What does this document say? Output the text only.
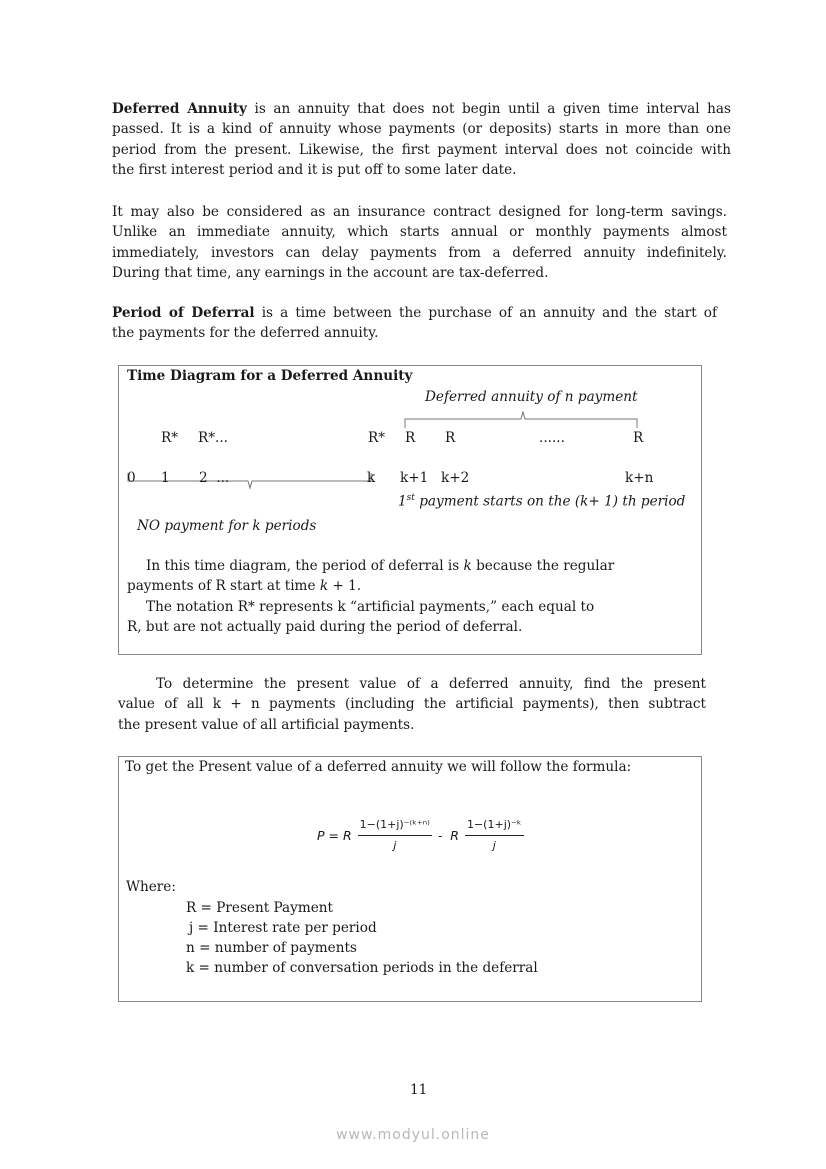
Deferred Annuity is an annuity that does not begin until a given time interval has
passed. It is a kind of annuity whose payments (or deposits) starts in more than one
period from the present. Likewise, the first payment interval does not coincide with
the first interest period and it is put off to some later date.
It may also be considered as an insurance contract designed for long-term savings.
Unlike an immediate annuity, which starts annual or monthly payments almost
immediately, investors can delay payments from a deferred annuity indefinitely.
During that time, any earnings in the account are tax-deferred.
Period of Deferral is a time between the purchase of an annuity and the start of
the payments for the deferred annuity.
Time Diagram for a Deferred Annuity
Deferred annuity of n payment
R* R*...	R* R R	......	R
0 1 2  ...	k k+1 k+2	k+n
1st payment starts on the (k+ 1) th period
NO payment for k periods
In this time diagram, the period of deferral is k because the regular
payments of R start at time k + 1.
The notation R* represents k “artificial payments,” each equal to
R, but are not actually paid during the period of deferral.
To determine the present value of a deferred annuity, find the present
value of all k + n payments (including the artificial payments), then subtract
the present value of all artificial payments.
To get the Present value of a deferred annuity we will follow the formula:
P = R $\frac{\text{1−(1+j)⁻⁽ᵏ⁺ⁿ⁾}}{j}$ -  R $\frac{\text{1−(1+j)⁻ᵏ}}{j}$
Where:
R = Present Payment
j = Interest rate per period
n = number of payments
k = number of conversation periods in the deferral
11
www.modyul.online
